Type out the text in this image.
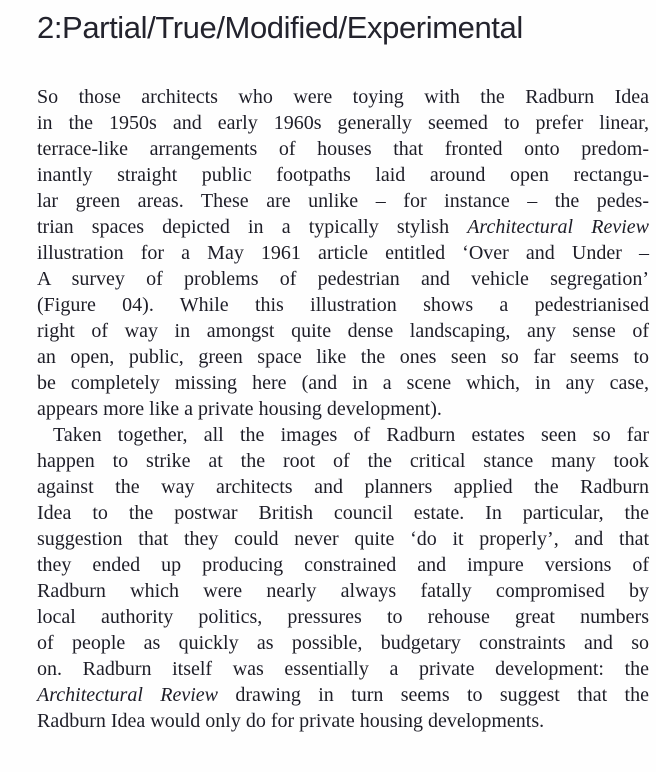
2:Partial/True/Modified/Experimental
So those architects who were toying with the Radburn Idea
in the 1950s and early 1960s generally seemed to prefer linear,
terrace-like arrangements of houses that fronted onto predom-
inantly straight public footpaths laid around open rectangu-
lar green areas. These are unlike – for instance – the pedes-
trian spaces depicted in a typically stylish Architectural Review
illustration for a May 1961 article entitled ‘Over and Under –
A survey of problems of pedestrian and vehicle segregation’
(Figure 04). While this illustration shows a pedestrianised
right of way in amongst quite dense landscaping, any sense of
an open, public, green space like the ones seen so far seems to
be completely missing here (and in a scene which, in any case,
appears more like a private housing development).
Taken together, all the images of Radburn estates seen so far
happen to strike at the root of the critical stance many took
against the way architects and planners applied the Radburn
Idea to the postwar British council estate. In particular, the
suggestion that they could never quite ‘do it properly’, and that
they ended up producing constrained and impure versions of
Radburn which were nearly always fatally compromised by
local authority politics, pressures to rehouse great numbers
of people as quickly as possible, budgetary constraints and so
on. Radburn itself was essentially a private development: the
Architectural Review drawing in turn seems to suggest that the
Radburn Idea would only do for private housing developments.
